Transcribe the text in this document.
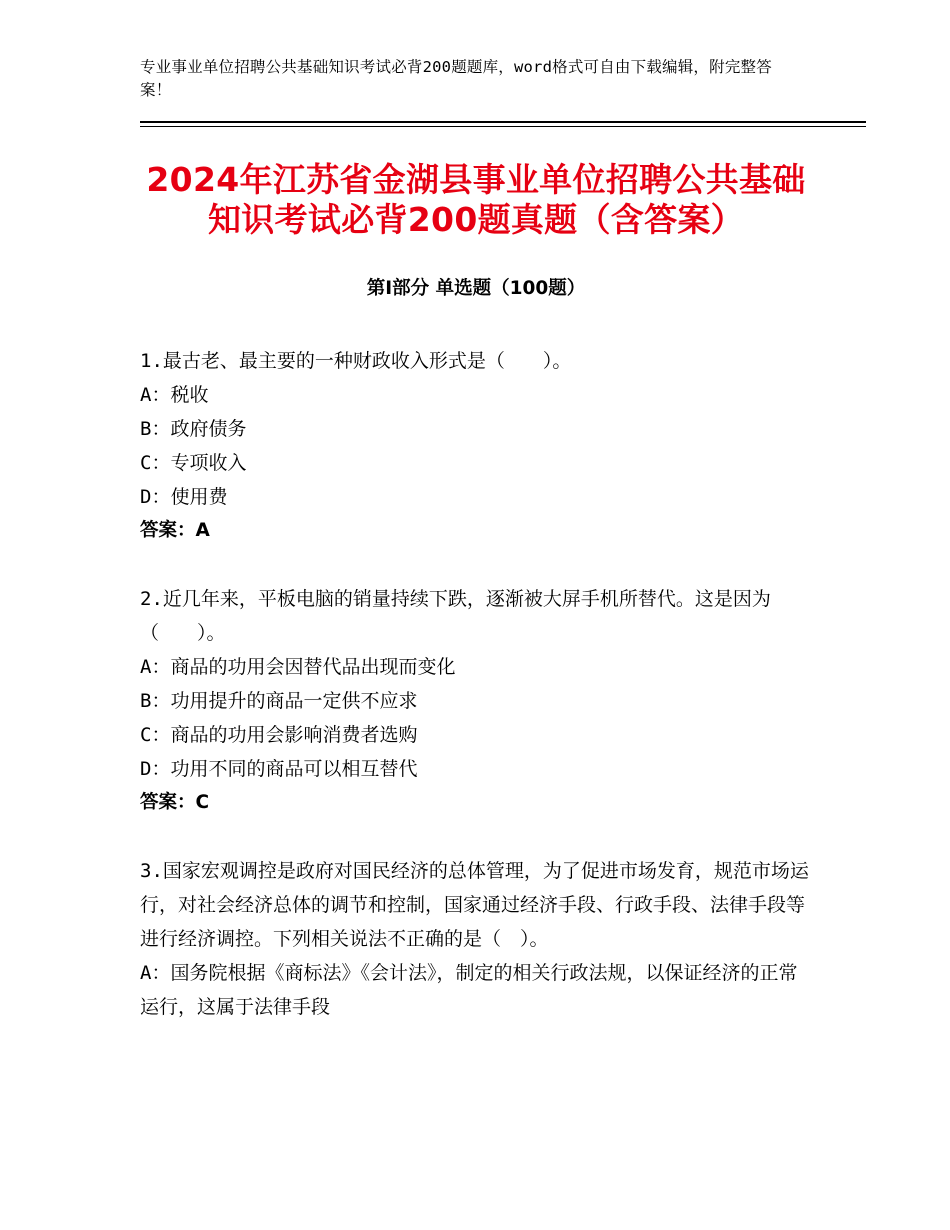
专业事业单位招聘公共基础知识考试必背200题题库，word格式可自由下载编辑，附完整答案！
2024年江苏省金湖县事业单位招聘公共基础知识考试必背200题真题（含答案）
第Ⅰ部分 单选题（100题）

1.最古老、最主要的一种财政收入形式是（　　）。

A：税收

B：政府债务

C：专项收入

D：使用费

答案：A

2.近几年来，平板电脑的销量持续下跌，逐渐被大屏手机所替代。这是因为（　　）。

A：商品的功用会因替代品出现而变化

B：功用提升的商品一定供不应求

C：商品的功用会影响消费者选购

D：功用不同的商品可以相互替代

答案：C

3.国家宏观调控是政府对国民经济的总体管理，为了促进市场发育，规范市场运行，对社会经济总体的调节和控制，国家通过经济手段、行政手段、法律手段等进行经济调控。下列相关说法不正确的是（　）。

A：国务院根据《商标法》《会计法》，制定的相关行政法规，以保证经济的正常运行，这属于法律手段
